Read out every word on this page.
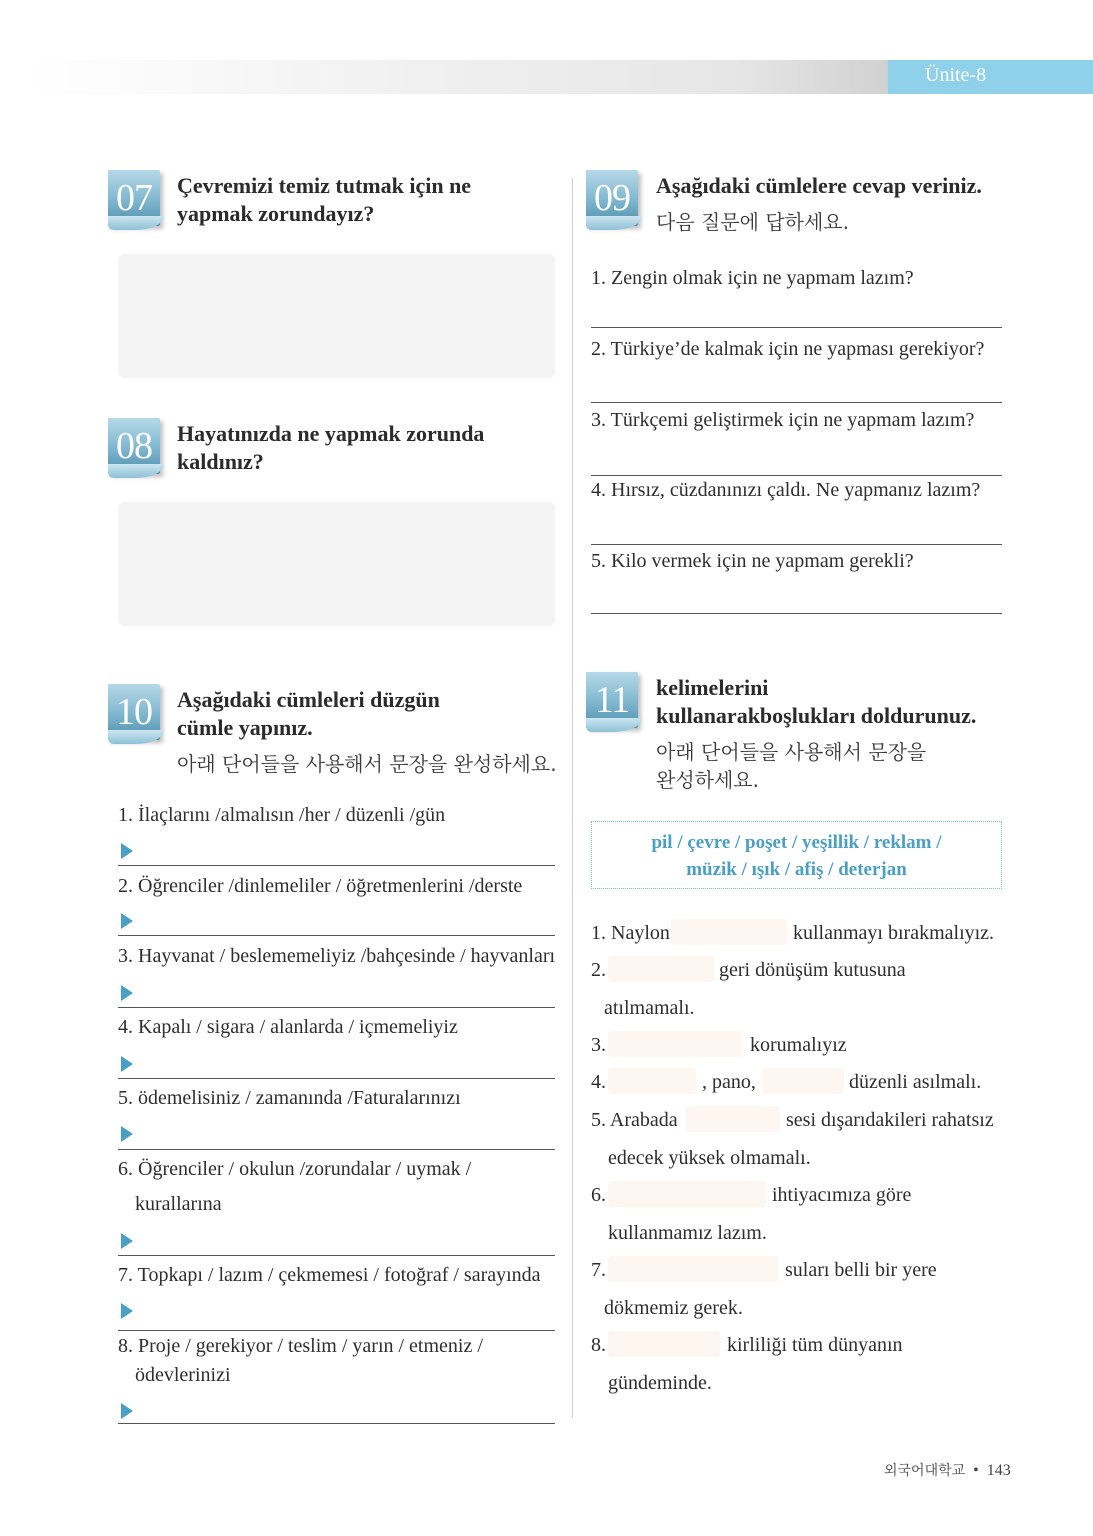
Ünite-8
07	Çevremizi temiz tutmak için ne
yapmak zorundayız?
08	Hayatınızda ne yapmak zorunda
kaldınız?
09	Aşağıdaki cümlelere cevap veriniz.
다음 질문에 답하세요.
1. Zengin olmak için ne yapmam lazım?
2. Türkiye’de kalmak için ne yapması gerekiyor?
3. Türkçemi geliştirmek için ne yapmam lazım?
4. Hırsız, cüzdanınızı çaldı. Ne yapmanız lazım?
5. Kilo vermek için ne yapmam gerekli?
10	Aşağıdaki cümleleri düzgün
cümle yapınız.
아래 단어들을 사용해서 문장을 완성하세요.
1. İlaçlarını /almalısın /her / düzenli /gün
2. Öğrenciler /dinlemeliler / öğretmenlerini /derste
3. Hayvanat / beslememeliyiz /bahçesinde / hayvanları
4. Kapalı / sigara / alanlarda / içmemeliyiz
5. ödemelisiniz / zamanında /Faturalarınızı
6. Öğrenciler / okulun /zorundalar / uymak /
kurallarına
7. Topkapı / lazım / çekmemesi / fotoğraf / sarayında
8. Proje / gerekiyor / teslim / yarın / etmeniz /
ödevlerinizi
11	kelimelerini
kullanarakboşlukları doldurunuz.
아래 단어들을 사용해서 문장을
완성하세요.
pil / çevre / poşet / yeşillik / reklam /
müzik / ışık / afiş / deterjan
1. Naylon	kullanmayı bırakmalıyız.
2.	geri dönüşüm kutusuna
atılmamalı.
3.	korumalıyız
4.	, pano,	düzenli asılmalı.
5. Arabada	sesi dışarıdakileri rahatsız
edecek yüksek olmamalı.
6.	ihtiyacımıza göre
kullanmamız lazım.
7.	suları belli bir yere
dökmemiz gerek.
8.	kirliliği tüm dünyanın
gündeminde.
외국어대학교 • 143
